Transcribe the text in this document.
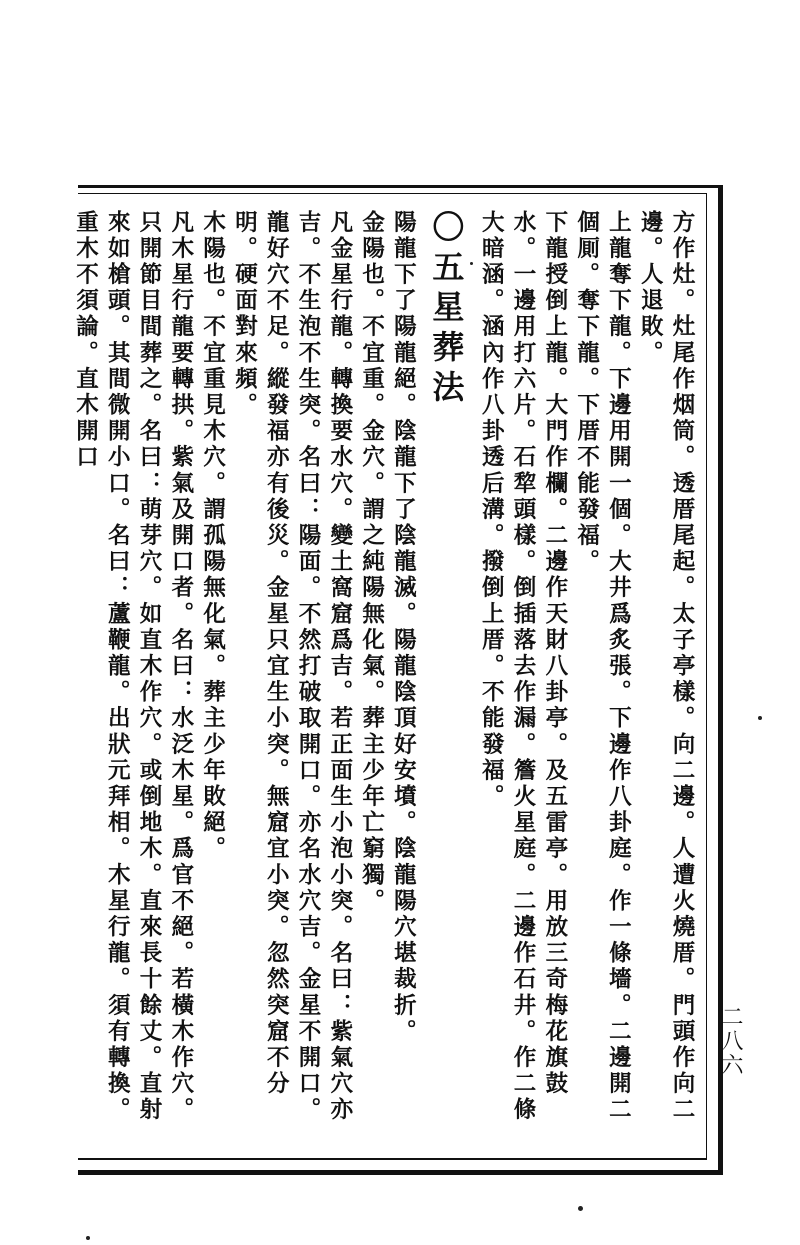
二八六

方作灶。灶尾作烟筒。透厝尾起。太子亭樣。向二邊。人遭火燒厝。門頭作向二邊。人退敗。

上龍奪下龍。下邊用開一個。大井爲炙張。下邊作八卦庭。作一條墻。二邊開二個厠。奪下龍。下厝不能發福。

下龍授倒上龍。大門作欄。二邊作天財八卦亭。及五雷亭。用放三奇梅花旗鼓水。一邊用打六片。石犂頭樣。倒插落去作漏。簷火星庭。二邊作石井。作二條大暗涵。涵內作八卦透后溝。撥倒上厝。不能發福。

〇五星葬法

陽龍下了陽龍絕。陰龍下了陰龍滅。陽龍陰頂好安墳。陰龍陽穴堪裁折。

金陽也。不宜重。金穴。謂之純陽無化氣。葬主少年亡窮獨。

凡金星行龍。轉換要水穴。變土窩窟爲吉。若正面生小泡小突。名曰：紫氣穴亦吉。不生泡不生突。名曰：陽面。不然打破取開口。亦名水穴吉。金星不開口。龍好穴不足。縱發福亦有後災。金星只宜生小突。無窟宜小突。忽然突窟不分明。硬面對來頻。

木陽也。不宜重見木穴。謂孤陽無化氣。葬主少年敗絕。

凡木星行龍要轉拱。紫氣及開口者。名曰：水泛木星。爲官不絕。若橫木作穴。只開節目間葬之。名曰：萌芽穴。如直木作穴。或倒地木。直來長十餘丈。直射來如槍頭。其間微開小口。名曰：蘆鞭龍。出狀元拜相。木星行龍。須有轉換。重木不須論。直木開口
